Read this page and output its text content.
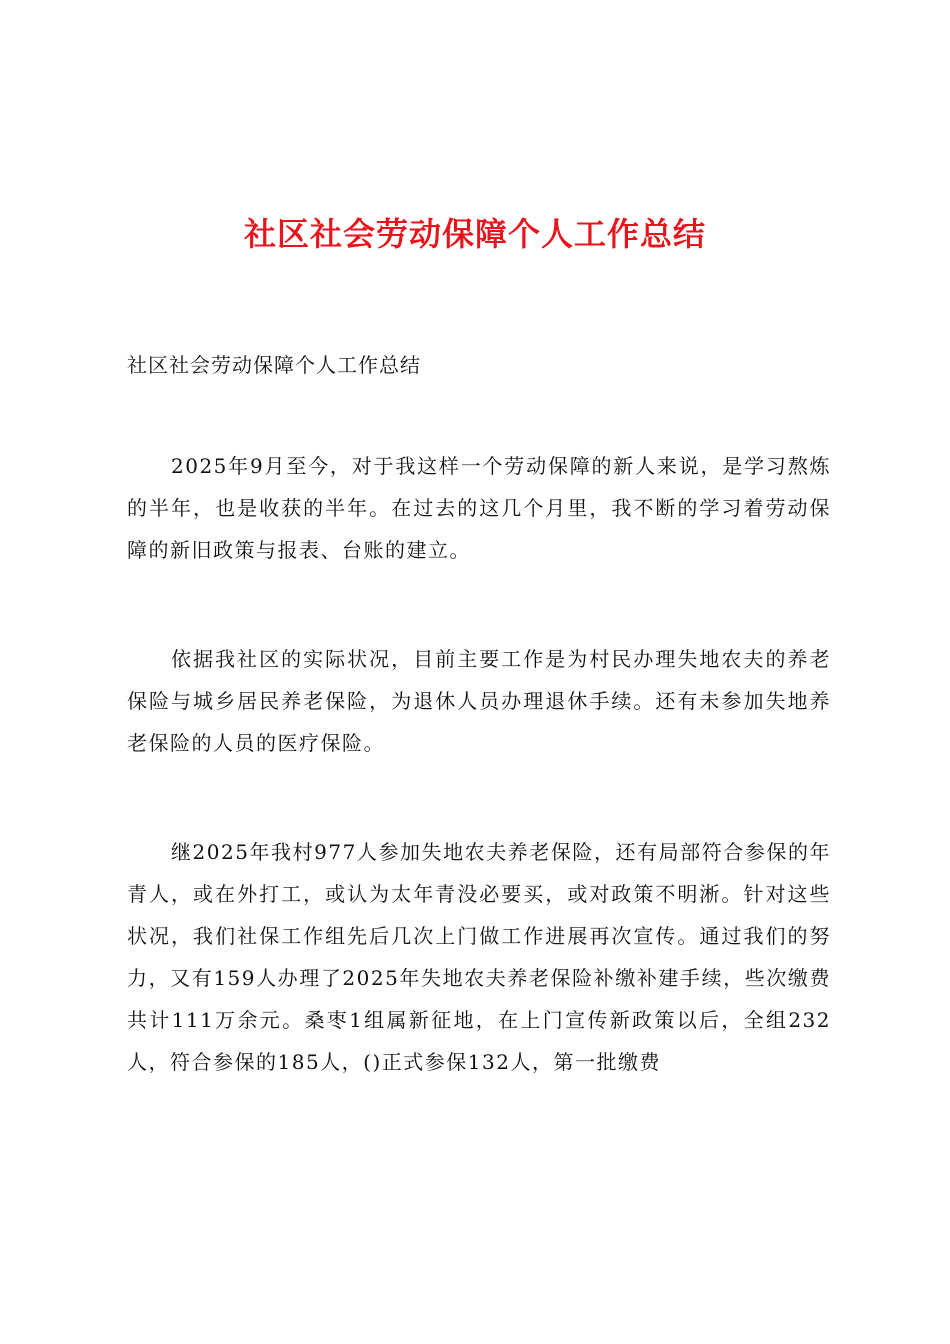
社区社会劳动保障个人工作总结
社区社会劳动保障个人工作总结

2025年9月至今，对于我这样一个劳动保障的新人来说，是学习熬炼的半年，也是收获的半年。在过去的这几个月里，我不断的学习着劳动保障的新旧政策与报表、台账的建立。

依据我社区的实际状况，目前主要工作是为村民办理失地农夫的养老保险与城乡居民养老保险，为退休人员办理退休手续。还有未参加失地养老保险的人员的医疗保险。

继2025年我村977人参加失地农夫养老保险，还有局部符合参保的年青人，或在外打工，或认为太年青没必要买，或对政策不明淅。针对这些状况，我们社保工作组先后几次上门做工作进展再次宣传。通过我们的努力，又有159人办理了2025年失地农夫养老保险补缴补建手续，些次缴费共计111万余元。桑枣1组属新征地，在上门宣传新政策以后，全组232人，符合参保的185人，()正式参保132人，第一批缴费
